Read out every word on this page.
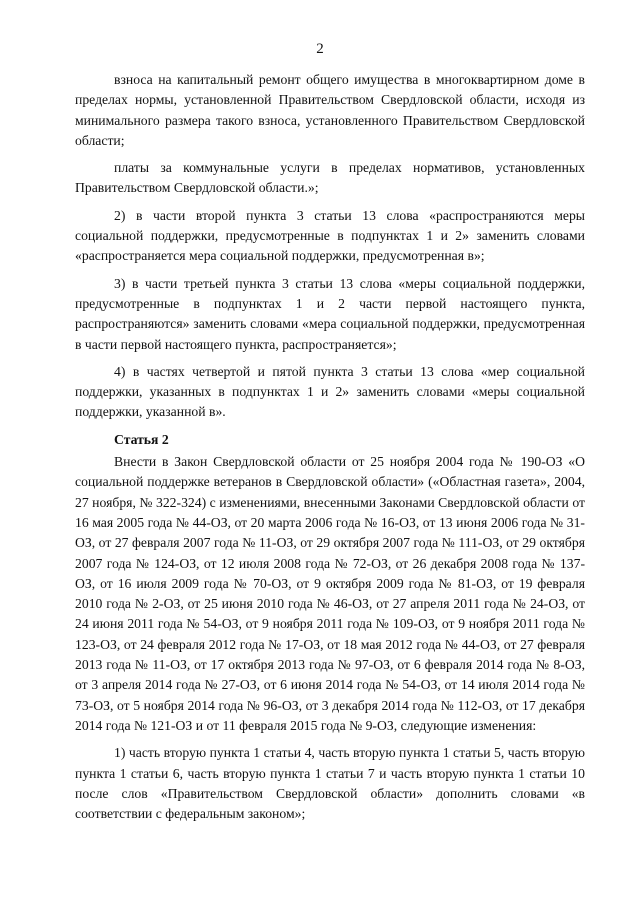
2

взноса на капитальный ремонт общего имущества в многоквартирном доме в пределах нормы, установленной Правительством Свердловской области, исходя из минимального размера такого взноса, установленного Правительством Свердловской области;

платы за коммунальные услуги в пределах нормативов, установленных Правительством Свердловской области.»;

2) в части второй пункта 3 статьи 13 слова «распространяются меры социальной поддержки, предусмотренные в подпунктах 1 и 2» заменить словами «распространяется мера социальной поддержки, предусмотренная в»;

3) в части третьей пункта 3 статьи 13 слова «меры социальной поддержки, предусмотренные в подпунктах 1 и 2 части первой настоящего пункта, распространяются» заменить словами «мера социальной поддержки, предусмотренная в части первой настоящего пункта, распространяется»;

4) в частях четвертой и пятой пункта 3 статьи 13 слова «мер социальной поддержки, указанных в подпунктах 1 и 2» заменить словами «меры социальной поддержки, указанной в».

Статья 2

Внести в Закон Свердловской области от 25 ноября 2004 года № 190-ОЗ «О социальной поддержке ветеранов в Свердловской области» («Областная газета», 2004, 27 ноября, № 322-324) с изменениями, внесенными Законами Свердловской области от 16 мая 2005 года № 44-ОЗ, от 20 марта 2006 года № 16-ОЗ, от 13 июня 2006 года № 31-ОЗ, от 27 февраля 2007 года № 11-ОЗ, от 29 октября 2007 года № 111-ОЗ, от 29 октября 2007 года № 124-ОЗ, от 12 июля 2008 года № 72-ОЗ, от 26 декабря 2008 года № 137-ОЗ, от 16 июля 2009 года № 70-ОЗ, от 9 октября 2009 года № 81-ОЗ, от 19 февраля 2010 года № 2-ОЗ, от 25 июня 2010 года № 46-ОЗ, от 27 апреля 2011 года № 24-ОЗ, от 24 июня 2011 года № 54-ОЗ, от 9 ноября 2011 года № 109-ОЗ, от 9 ноября 2011 года № 123-ОЗ, от 24 февраля 2012 года № 17-ОЗ, от 18 мая 2012 года № 44-ОЗ, от 27 февраля 2013 года № 11-ОЗ, от 17 октября 2013 года № 97-ОЗ, от 6 февраля 2014 года № 8-ОЗ, от 3 апреля 2014 года № 27-ОЗ, от 6 июня 2014 года № 54-ОЗ, от 14 июля 2014 года № 73-ОЗ, от 5 ноября 2014 года № 96-ОЗ, от 3 декабря 2014 года № 112-ОЗ, от 17 декабря 2014 года № 121-ОЗ и от 11 февраля 2015 года № 9-ОЗ, следующие изменения:

1) часть вторую пункта 1 статьи 4, часть вторую пункта 1 статьи 5, часть вторую пункта 1 статьи 6, часть вторую пункта 1 статьи 7 и часть вторую пункта 1 статьи 10 после слов «Правительством Свердловской области» дополнить словами «в соответствии с федеральным законом»;
